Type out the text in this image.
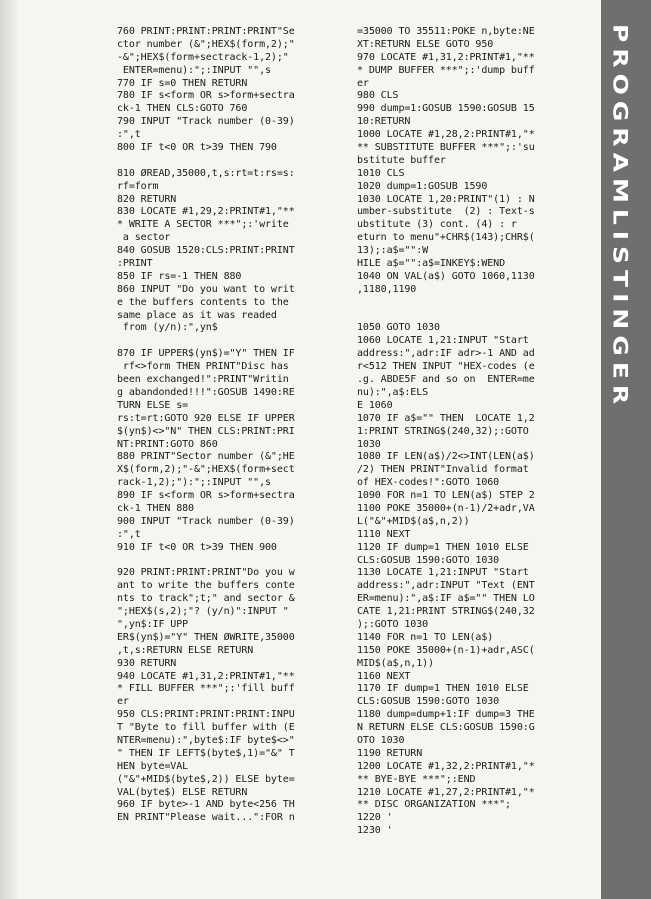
760 PRINT:PRINT:PRINT:PRINT"Se
ctor number (&";HEX$(form,2);"
-&";HEX$(form+sectrack-1,2);"
ENTER=menu):";:INPUT "",s
770 IF s=0 THEN RETURN
780 IF s<form OR s>form+sectra
ck-1 THEN CLS:GOTO 760
790 INPUT "Track number (0-39)
:",t
800 IF t<0 OR t>39 THEN 790
810 ØREAD,35000,t,s:rt=t:rs=s:
rf=form
820 RETURN
830 LOCATE #1,29,2:PRINT#1,"**
* WRITE A SECTOR ***";:'write
a sector
840 GOSUB 1520:CLS:PRINT:PRINT
:PRINT
850 IF rs=-1 THEN 880
860 INPUT "Do you want to writ
e the buffers contents to the
same place as it was readed
from (y/n):",yn$
870 IF UPPER$(yn$)="Y" THEN IF
rf<>form THEN PRINT"Disc has
been exchanged!":PRINT"Writin
g abandonded!!!":GOSUB 1490:RE
TURN ELSE s=
rs:t=rt:GOTO 920 ELSE IF UPPER
$(yn$)<>"N" THEN CLS:PRINT:PRI
NT:PRINT:GOTO 860
880 PRINT"Sector number (&";HE
X$(form,2);"-&";HEX$(form+sect
rack-1,2);"):";:INPUT "",s
890 IF s<form OR s>form+sectra
ck-1 THEN 880
900 INPUT "Track number (0-39)
:",t
910 IF t<0 OR t>39 THEN 900
920 PRINT:PRINT:PRINT"Do you w
ant to write the buffers conte
nts to track";t;" and sector &
";HEX$(s,2);"? (y/n)":INPUT "
",yn$:IF UPP
ER$(yn$)="Y" THEN ØWRITE,35000
,t,s:RETURN ELSE RETURN
930 RETURN
940 LOCATE #1,31,2:PRINT#1,"**
* FILL BUFFER ***";:'fill buff
er
950 CLS:PRINT:PRINT:PRINT:INPU
T "Byte to fill buffer with (E
NTER=menu):",byte$:IF byte$<>"
" THEN IF LEFT$(byte$,1)="&" T
HEN byte=VAL
("&"+MID$(byte$,2)) ELSE byte=
VAL(byte$) ELSE RETURN
960 IF byte>-1 AND byte<256 TH
EN PRINT"Please wait...":FOR n
=35000 TO 35511:POKE n,byte:NE
XT:RETURN ELSE GOTO 950
970 LOCATE #1,31,2:PRINT#1,"**
* DUMP BUFFER ***";:'dump buff
er
980 CLS
990 dump=1:GOSUB 1590:GOSUB 15
10:RETURN
1000 LOCATE #1,28,2:PRINT#1,"*
** SUBSTITUTE BUFFER ***";:'su
bstitute buffer
1010 CLS
1020 dump=1:GOSUB 1590
1030 LOCATE 1,20:PRINT"(1) : N
umber-substitute  (2) : Text-s
ubstitute (3) cont. (4) : r
eturn to menu"+CHR$(143);CHR$(
13);:a$="":W
HILE a$="":a$=INKEY$:WEND
1040 ON VAL(a$) GOTO 1060,1130
,1180,1190
1050 GOTO 1030
1060 LOCATE 1,21:INPUT "Start
address:",adr:IF adr>-1 AND ad
r<512 THEN INPUT "HEX-codes (e
.g. ABDE5F and so on  ENTER=me
nu):",a$:ELS
E 1060
1070 IF a$="" THEN  LOCATE 1,2
1:PRINT STRING$(240,32);:GOTO
1030
1080 IF LEN(a$)/2<>INT(LEN(a$)
/2) THEN PRINT"Invalid format
of HEX-codes!":GOTO 1060
1090 FOR n=1 TO LEN(a$) STEP 2
1100 POKE 35000+(n-1)/2+adr,VA
L("&"+MID$(a$,n,2))
1110 NEXT
1120 IF dump=1 THEN 1010 ELSE
CLS:GOSUB 1590:GOTO 1030
1130 LOCATE 1,21:INPUT "Start
address:",adr:INPUT "Text (ENT
ER=menu):",a$:IF a$="" THEN LO
CATE 1,21:PRINT STRING$(240,32
);:GOTO 1030
1140 FOR n=1 TO LEN(a$)
1150 POKE 35000+(n-1)+adr,ASC(
MID$(a$,n,1))
1160 NEXT
1170 IF dump=1 THEN 1010 ELSE
CLS:GOSUB 1590:GOTO 1030
1180 dump=dump+1:IF dump=3 THE
N RETURN ELSE CLS:GOSUB 1590:G
OTO 1030
1190 RETURN
1200 LOCATE #1,32,2:PRINT#1,"*
** BYE-BYE ***";:END
1210 LOCATE #1,27,2:PRINT#1,"*
** DISC ORGANIZATION ***";
1220 '
1230 '
PROGRAMLISTINGER
